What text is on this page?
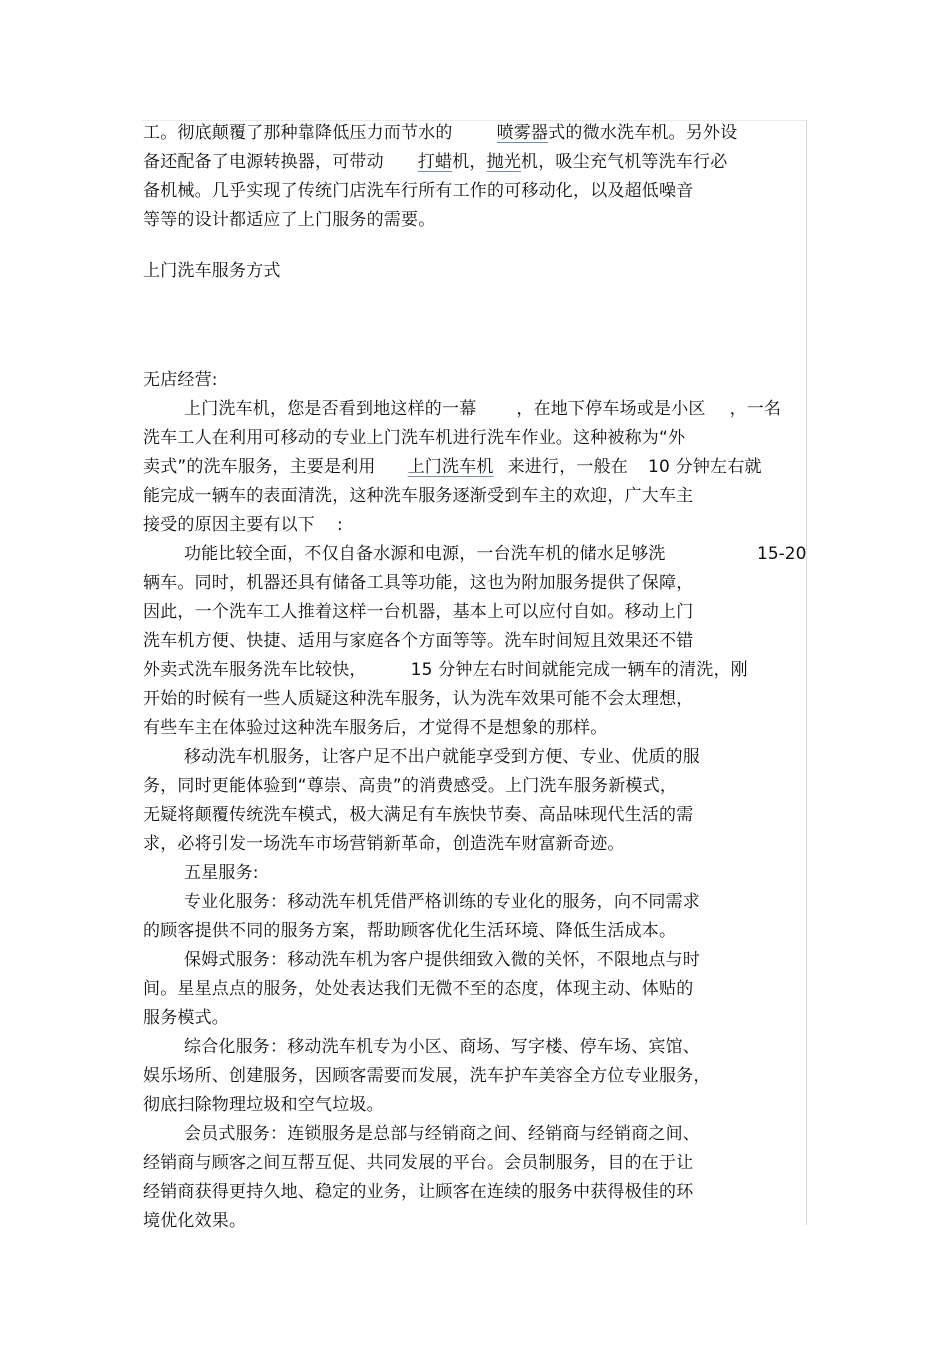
工。彻底颠覆了那种靠降低压力而节水的	喷雾器式的微水洗车机。另外设
备还配备了电源转换器，可带动 打蜡机，抛光机，吸尘充气机等洗车行必
备机械。几乎实现了传统门店洗车行所有工作的可移动化，以及超低噪音
等等的设计都适应了上门服务的需要。
上门洗车服务方式
无店经营:
上门洗车机，您是否看到地这样的一幕 ，在地下停车场或是小区 ，一名
洗车工人在利用可移动的专业上门洗车机进行洗车作业。这种被称为“外
卖式”的洗车服务，主要是利用 上门洗车机 来进行，一般在 10 分钟左右就
能完成一辆车的表面清洗，这种洗车服务逐渐受到车主的欢迎，广大车主
接受的原因主要有以下 :
功能比较全面，不仅自备水源和电源，一台洗车机的储水足够洗	15-20
辆车。同时，机器还具有储备工具等功能，这也为附加服务提供了保障，
因此，一个洗车工人推着这样一台机器，基本上可以应付自如。移动上门
洗车机方便、快捷、适用与家庭各个方面等等。洗车时间短且效果还不错
外卖式洗车服务洗车比较快，	15 分钟左右时间就能完成一辆车的清洗，刚
开始的时候有一些人质疑这种洗车服务，认为洗车效果可能不会太理想，
有些车主在体验过这种洗车服务后，才觉得不是想象的那样。
移动洗车机服务，让客户足不出户就能享受到方便、专业、优质的服
务，同时更能体验到“尊崇、高贵”的消费感受。上门洗车服务新模式，
无疑将颠覆传统洗车模式，极大满足有车族快节奏、高品味现代生活的需
求，必将引发一场洗车市场营销新革命，创造洗车财富新奇迹。
五星服务:
专业化服务：移动洗车机凭借严格训练的专业化的服务，向不同需求
的顾客提供不同的服务方案，帮助顾客优化生活环境、降低生活成本。
保姆式服务：移动洗车机为客户提供细致入微的关怀，不限地点与时
间。星星点点的服务，处处表达我们无微不至的态度，体现主动、体贴的
服务模式。
综合化服务：移动洗车机专为小区、商场、写字楼、停车场、宾馆、
娱乐场所、创建服务，因顾客需要而发展，洗车护车美容全方位专业服务，
彻底扫除物理垃圾和空气垃圾。
会员式服务：连锁服务是总部与经销商之间、经销商与经销商之间、
经销商与顾客之间互帮互促、共同发展的平台。会员制服务，目的在于让
经销商获得更持久地、稳定的业务，让顾客在连续的服务中获得极佳的环
境优化效果。
